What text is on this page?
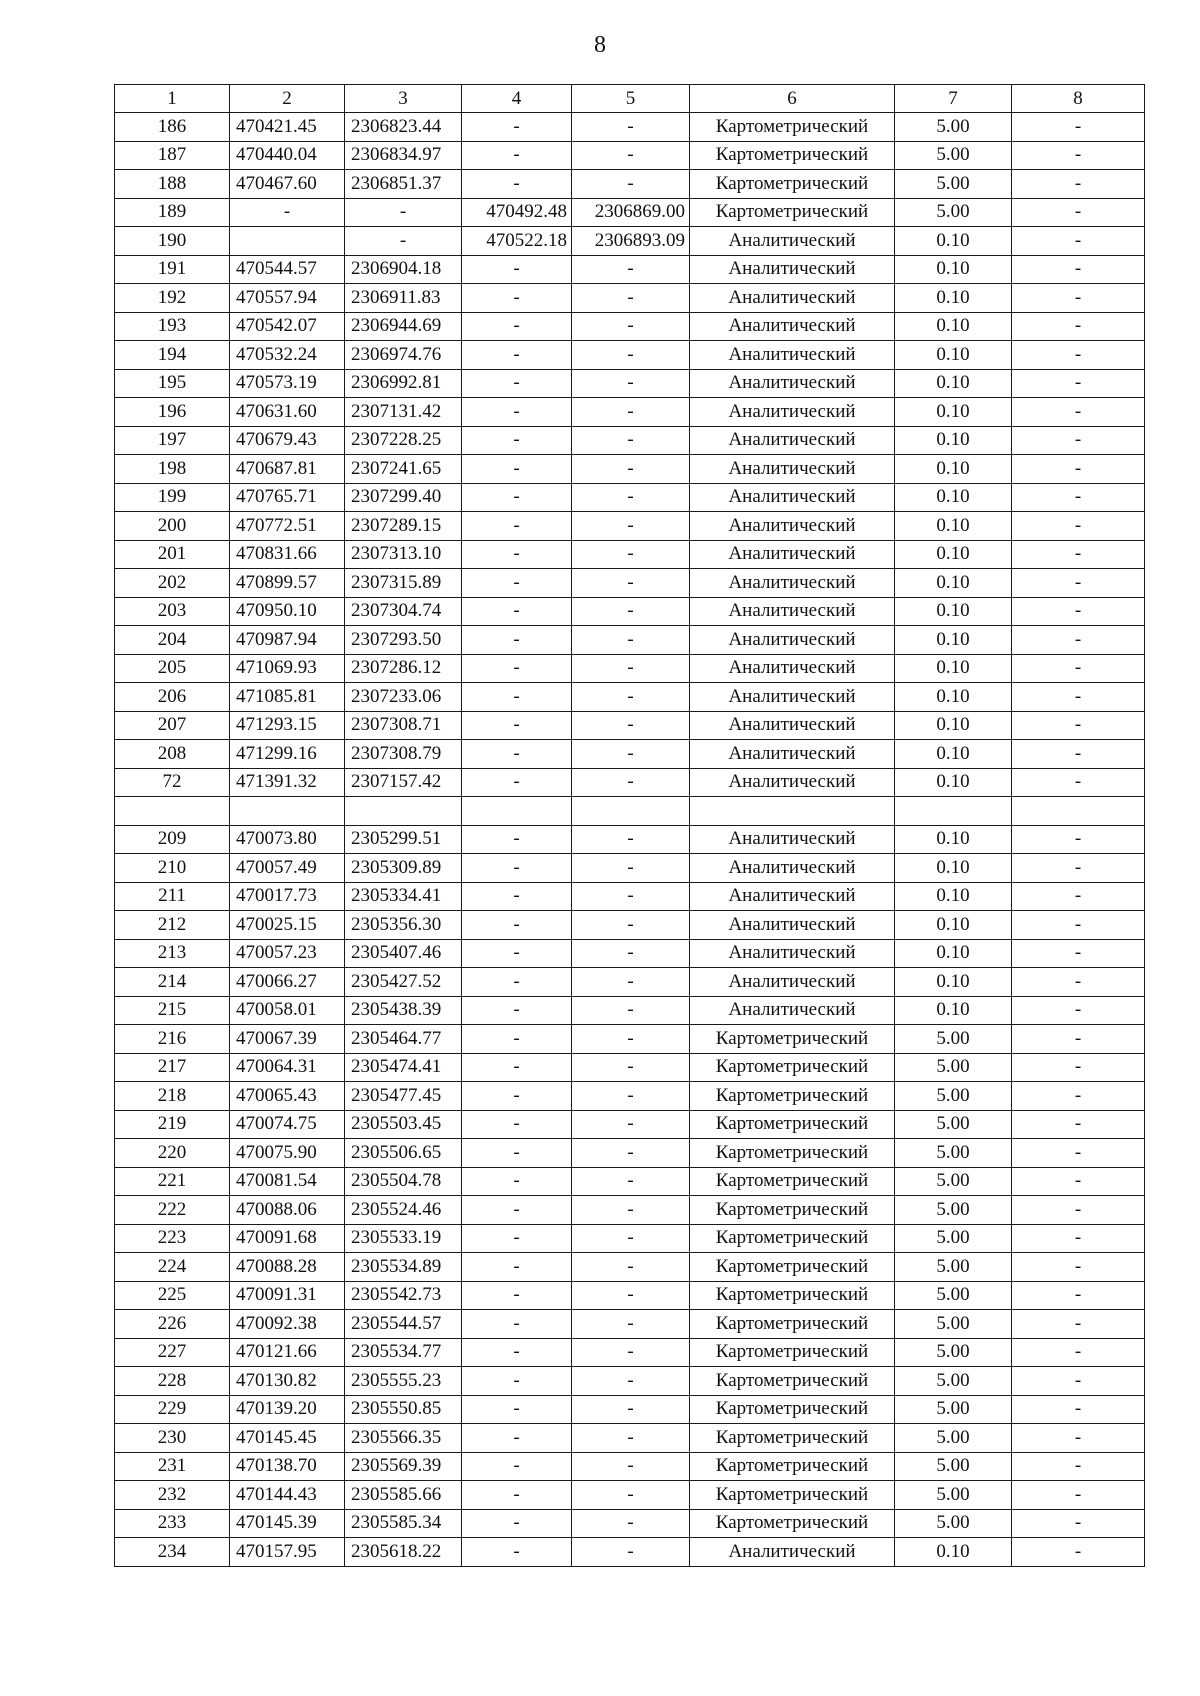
8
1	2	3	4	5	6	7	8
186	470421.45	2306823.44	-	-	Картометрический	5.00	-
187	470440.04	2306834.97	-	-	Картометрический	5.00	-
188	470467.60	2306851.37	-	-	Картометрический	5.00	-
189	-	-	470492.48	2306869.00	Картометрический	5.00	-
190		-	470522.18	2306893.09	Аналитический	0.10	-
191	470544.57	2306904.18	-	-	Аналитический	0.10	-
192	470557.94	2306911.83	-	-	Аналитический	0.10	-
193	470542.07	2306944.69	-	-	Аналитический	0.10	-
194	470532.24	2306974.76	-	-	Аналитический	0.10	-
195	470573.19	2306992.81	-	-	Аналитический	0.10	-
196	470631.60	2307131.42	-	-	Аналитический	0.10	-
197	470679.43	2307228.25	-	-	Аналитический	0.10	-
198	470687.81	2307241.65	-	-	Аналитический	0.10	-
199	470765.71	2307299.40	-	-	Аналитический	0.10	-
200	470772.51	2307289.15	-	-	Аналитический	0.10	-
201	470831.66	2307313.10	-	-	Аналитический	0.10	-
202	470899.57	2307315.89	-	-	Аналитический	0.10	-
203	470950.10	2307304.74	-	-	Аналитический	0.10	-
204	470987.94	2307293.50	-	-	Аналитический	0.10	-
205	471069.93	2307286.12	-	-	Аналитический	0.10	-
206	471085.81	2307233.06	-	-	Аналитический	0.10	-
207	471293.15	2307308.71	-	-	Аналитический	0.10	-
208	471299.16	2307308.79	-	-	Аналитический	0.10	-
72	471391.32	2307157.42	-	-	Аналитический	0.10	-

209	470073.80	2305299.51	-	-	Аналитический	0.10	-
210	470057.49	2305309.89	-	-	Аналитический	0.10	-
211	470017.73	2305334.41	-	-	Аналитический	0.10	-
212	470025.15	2305356.30	-	-	Аналитический	0.10	-
213	470057.23	2305407.46	-	-	Аналитический	0.10	-
214	470066.27	2305427.52	-	-	Аналитический	0.10	-
215	470058.01	2305438.39	-	-	Аналитический	0.10	-
216	470067.39	2305464.77	-	-	Картометрический	5.00	-
217	470064.31	2305474.41	-	-	Картометрический	5.00	-
218	470065.43	2305477.45	-	-	Картометрический	5.00	-
219	470074.75	2305503.45	-	-	Картометрический	5.00	-
220	470075.90	2305506.65	-	-	Картометрический	5.00	-
221	470081.54	2305504.78	-	-	Картометрический	5.00	-
222	470088.06	2305524.46	-	-	Картометрический	5.00	-
223	470091.68	2305533.19	-	-	Картометрический	5.00	-
224	470088.28	2305534.89	-	-	Картометрический	5.00	-
225	470091.31	2305542.73	-	-	Картометрический	5.00	-
226	470092.38	2305544.57	-	-	Картометрический	5.00	-
227	470121.66	2305534.77	-	-	Картометрический	5.00	-
228	470130.82	2305555.23	-	-	Картометрический	5.00	-
229	470139.20	2305550.85	-	-	Картометрический	5.00	-
230	470145.45	2305566.35	-	-	Картометрический	5.00	-
231	470138.70	2305569.39	-	-	Картометрический	5.00	-
232	470144.43	2305585.66	-	-	Картометрический	5.00	-
233	470145.39	2305585.34	-	-	Картометрический	5.00	-
234	470157.95	2305618.22	-	-	Аналитический	0.10	-
